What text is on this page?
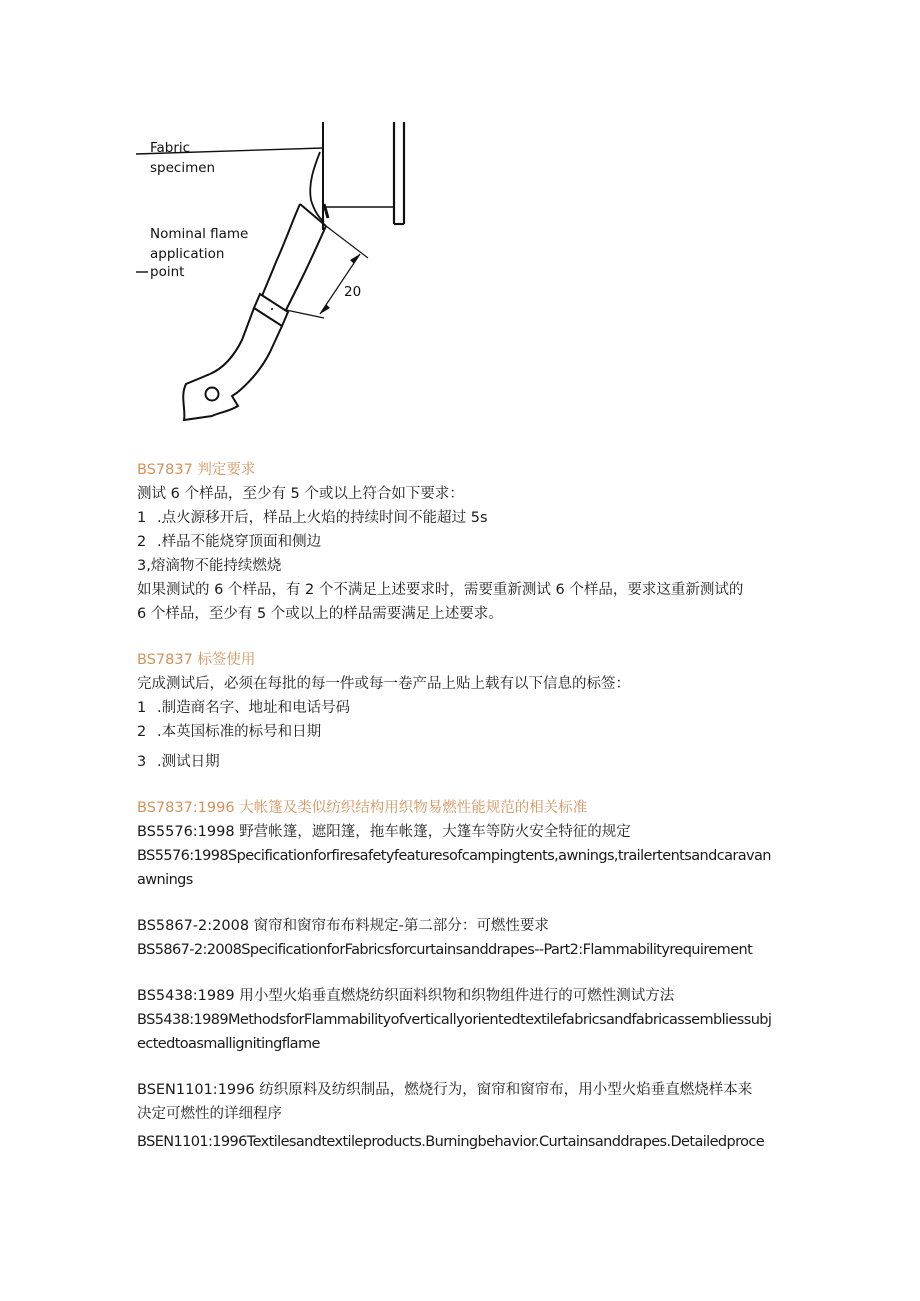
Fabric
specimen
Nominal flame
application
point
20
BS7837 判定要求
测试 6 个样品，至少有 5 个或以上符合如下要求：
1 .点火源移开后，样品上火焰的持续时间不能超过 5s
2 .样品不能烧穿顶面和侧边
3,熔滴物不能持续燃烧
如果测试的 6 个样品，有 2 个不满足上述要求时，需要重新测试 6 个样品，要求这重新测试的
6 个样品，至少有 5 个或以上的样品需要满足上述要求。
BS7837 标签使用
完成测试后，必须在每批的每一件或每一卷产品上贴上载有以下信息的标签：
1 .制造商名字、地址和电话号码
2 .本英国标准的标号和日期
3 .测试日期
BS7837:1996 大帐篷及类似纺织结构用织物易燃性能规范的相关标准
BS5576:1998 野营帐篷，遮阳篷，拖车帐篷，大篷车等防火安全特征的规定
BS5576:1998Specificationforfiresafetyfeaturesofcampingtents,awnings,trailertentsandcaravan
awnings
BS5867-2:2008 窗帘和窗帘布布料规定-第二部分：可燃性要求
BS5867-2:2008SpecificationforFabricsforcurtainsanddrapes--Part2:Flammabilityrequirement
BS5438:1989 用小型火焰垂直燃烧纺织面料织物和织物组件进行的可燃性测试方法
BS5438:1989MethodsforFlammabilityofverticallyorientedtextilefabricsandfabricassembliessubj
ectedtoasmallignitingflame
BSEN1101:1996 纺织原料及纺织制品，燃烧行为，窗帘和窗帘布，用小型火焰垂直燃烧样本来
决定可燃性的详细程序
BSEN1101:1996Textilesandtextileproducts.Burningbehavior.Curtainsanddrapes.Detailedproce
